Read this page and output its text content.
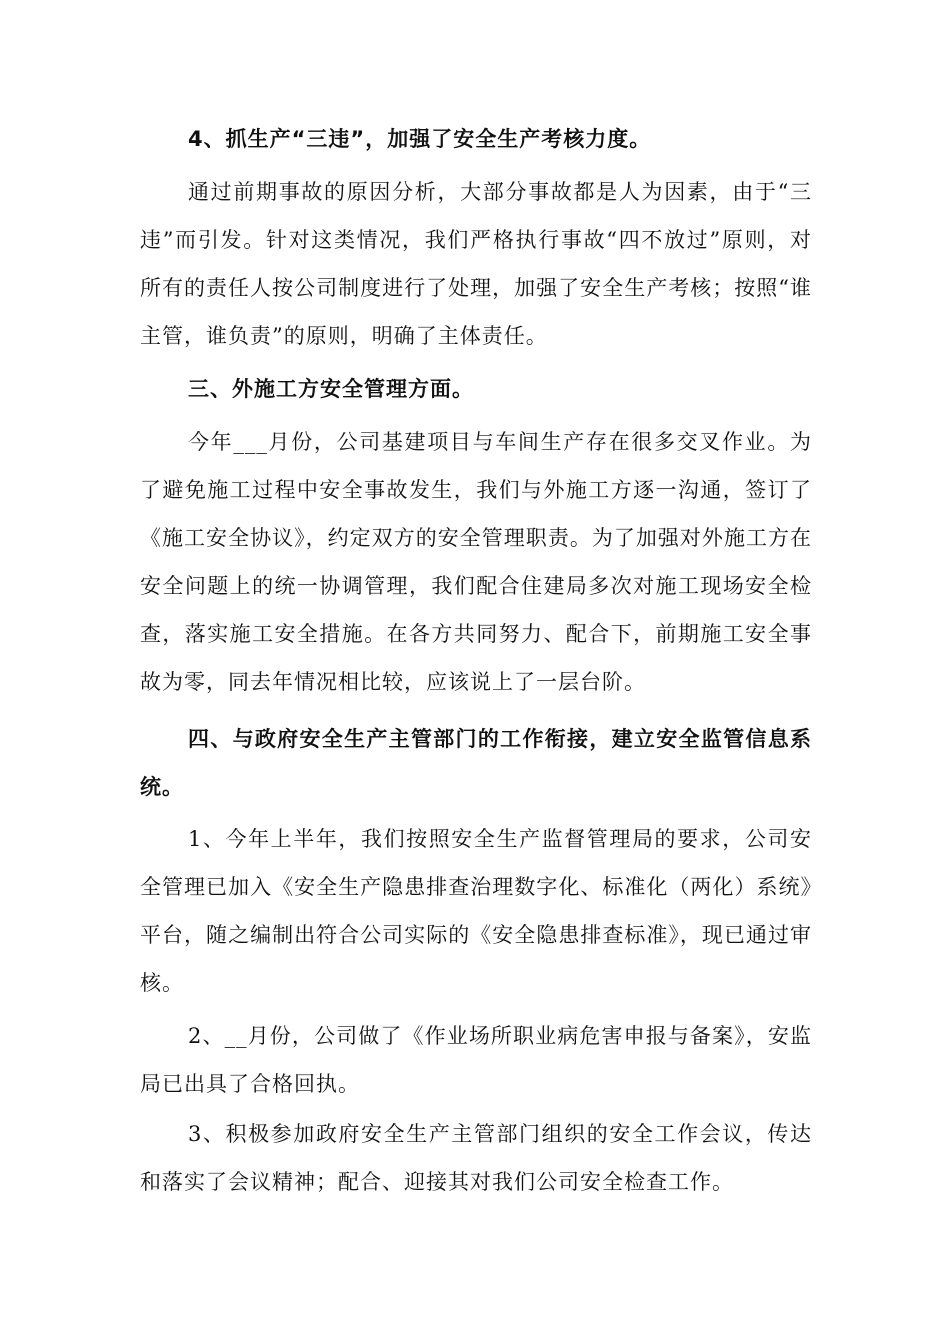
4、抓生产“三违”，加强了安全生产考核力度。

通过前期事故的原因分析，大部分事故都是人为因素，由于“三违”而引发。针对这类情况，我们严格执行事故“四不放过”原则，对所有的责任人按公司制度进行了处理，加强了安全生产考核；按照“谁主管，谁负责”的原则，明确了主体责任。

三、外施工方安全管理方面。

今年___月份，公司基建项目与车间生产存在很多交叉作业。为了避免施工过程中安全事故发生，我们与外施工方逐一沟通，签订了《施工安全协议》，约定双方的安全管理职责。为了加强对外施工方在安全问题上的统一协调管理，我们配合住建局多次对施工现场安全检查，落实施工安全措施。在各方共同努力、配合下，前期施工安全事故为零，同去年情况相比较，应该说上了一层台阶。

四、与政府安全生产主管部门的工作衔接，建立安全监管信息系统。

1、今年上半年，我们按照安全生产监督管理局的要求，公司安全管理已加入《安全生产隐患排查治理数字化、标准化（两化）系统》平台，随之编制出符合公司实际的《安全隐患排查标准》，现已通过审核。

2、__月份，公司做了《作业场所职业病危害申报与备案》，安监局已出具了合格回执。

3、积极参加政府安全生产主管部门组织的安全工作会议，传达和落实了会议精神；配合、迎接其对我们公司安全检查工作。
